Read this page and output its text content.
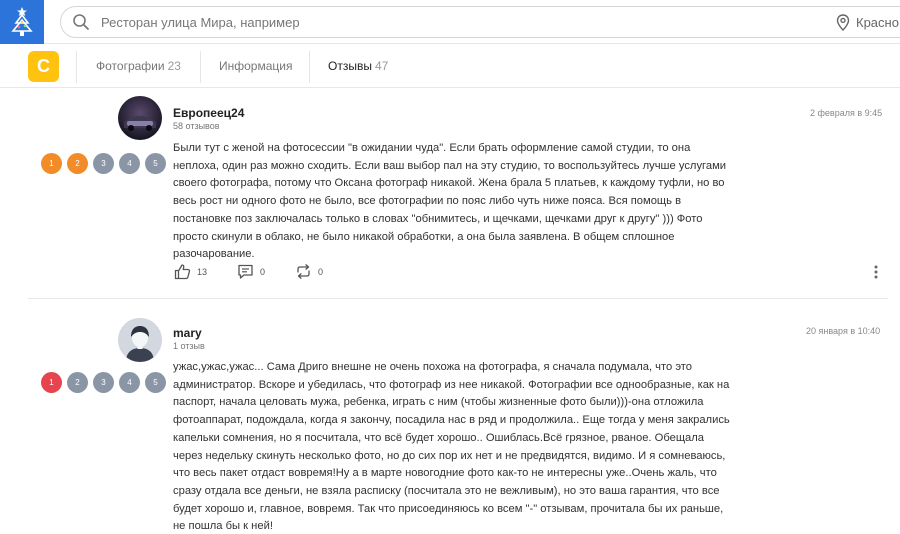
Ресторан улица Мира, например
Красно
С	Фотографии 23	Информация	Отзывы 47
Европеец24
58 отзывов
2 февраля в 9:45
1	2	3	4	5
Были тут с женой на фотосессии "в ожидании чуда". Если брать оформление самой студии, то она неплоха, один раз можно сходить. Если ваш выбор пал на эту студию, то воспользуйтесь лучше услугами своего фотографа, потому что Оксана фотограф никакой. Жена брала 5 платьев, к каждому туфли, но во весь рост ни одного фото не было, все фотографии по пояс либо чуть ниже пояса. Вся помощь в постановке поз заключалась только в словах "обнимитесь, и щечками, щечками друг к другу" ))) Фото просто скинули в облако, не было никакой обработки, а она была заявлена. В общем сплошное разочарование.
13	0	0
mary
1 отзыв
20 января в 10:40
1	2	3	4	5
ужас,ужас,ужас... Сама Дриго внешне не очень похожа на фотографа, я сначала подумала, что это администратор. Вскоре и убедилась, что фотограф из нее никакой. Фотографии все однообразные, как на паспорт, начала целовать мужа, ребенка, играть с ним (чтобы жизненные фото были)))-она отложила фотоаппарат, подождала, когда я закончу, посадила нас в ряд и продолжила.. Еще тогда у меня закрались капельки сомнения, но я посчитала, что всё будет хорошо.. Ошиблась.Всё грязное, рваное. Обещала через недельку скинуть несколько фото, но до сих пор их нет и не предвидятся, видимо. И я сомневаюсь, что весь пакет отдаст вовремя!Ну а в марте новогодние фото как-то не интересны уже..Очень жаль, что сразу отдала все деньги, не взяла расписку (посчитала это не вежливым), но это ваша гарантия, что все будет хорошо и, главное, вовремя. Так что присоединяюсь ко всем "-" отзывам, прочитала бы их раньше, не пошла бы к ней!
